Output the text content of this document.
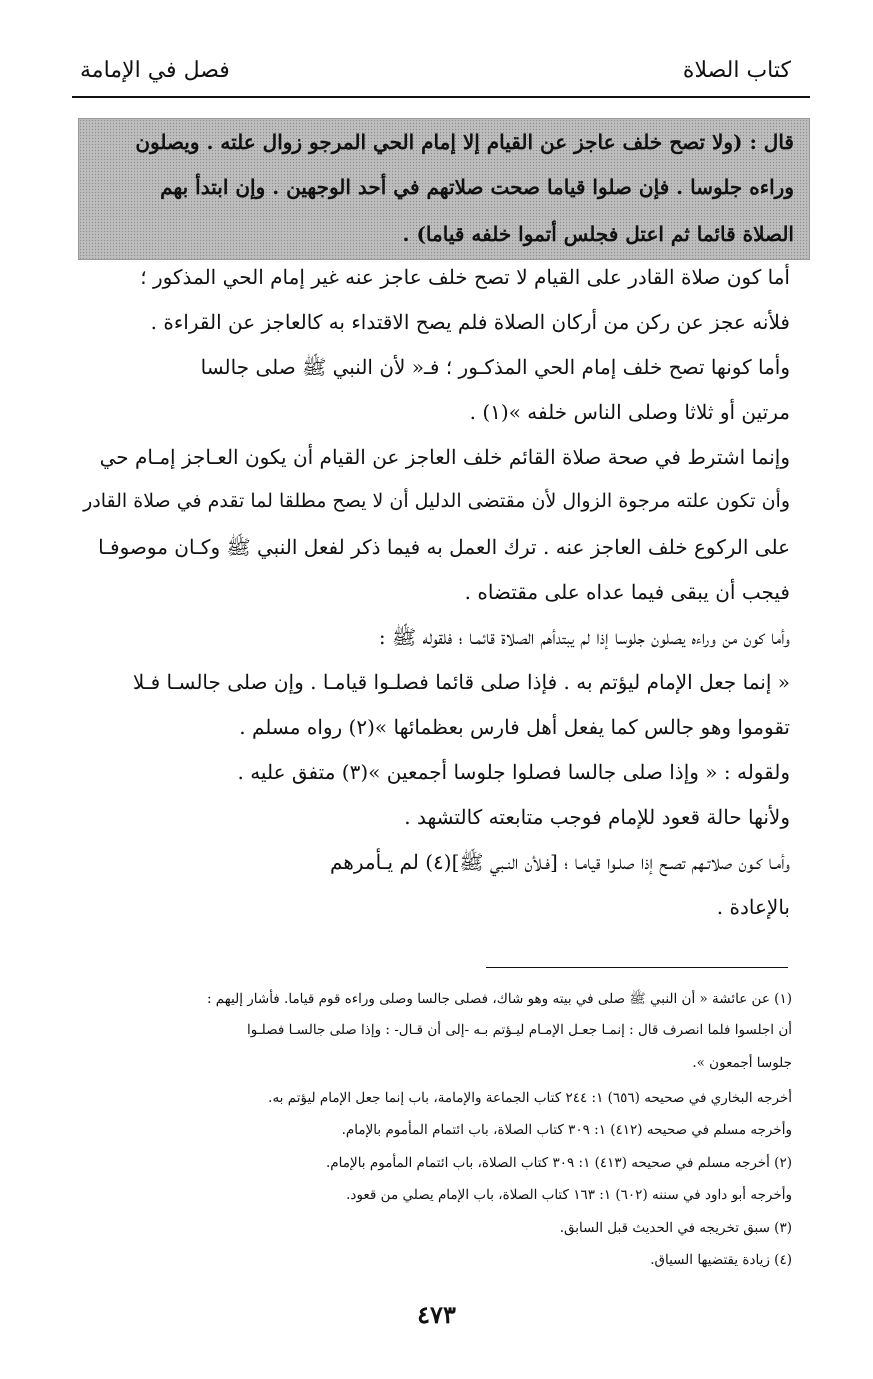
كتاب الصلاة
فصل في الإمامة
قال : (ولا تصح خلف عاجز عن القيام إلا إمام الحي المرجو زوال علته . ويصلون
وراءه جلوسا . فإن صلوا قياما صحت صلاتهم في أحد الوجهين . وإن ابتدأ بهم
الصلاة قائما ثم اعتل فجلس أتموا خلفه قياما) .
أما كون صلاة القادر على القيام لا تصح خلف عاجز عنه غير إمام الحي المذكور ؛
فلأنه عجز عن ركن من أركان الصلاة فلم يصح الاقتداء به كالعاجز عن القراءة .
وأما كونها تصح خلف إمام الحي المذكـور ؛ فـ« لأن النبي ﷺ صلى جالسا
مرتين أو ثلاثا وصلى الناس خلفه »(١) .
وإنما اشترط في صحة صلاة القائم خلف العاجز عن القيام أن يكون العـاجز إمـام حي
وأن تكون علته مرجوة الزوال لأن مقتضى الدليل أن لا يصح مطلقا لما تقدم في صلاة القادر
على الركوع خلف العاجز عنه . ترك العمل به فيما ذكر لفعل النبي ﷺ وكـان موصوفـا
فيجب أن يبقى فيما عداه على مقتضاه .
وأما كون من وراءه يصلون جلوسا إذا لم يبتدأهم الصلاة قائمـا ؛ فلقوله ﷺ :
« إنما جعل الإمام ليؤتم به . فإذا صلى قائما فصلـوا قيامـا . وإن صلى جالسـا فـلا
تقوموا وهو جالس كما يفعل أهل فارس بعظمائها »(٢) رواه مسلم .
ولقوله : « وإذا صلى جالسا فصلوا جلوسا أجمعين »(٣) متفق عليه .
ولأنها حالة قعود للإمام فوجب متابعته كالتشهد .
وأمـا كـون صلاتـهم تصـح إذا صلـوا قيامـا ؛ [فـلأن النـبي ﷺ](٤) لم يـأمرهم
بالإعادة .
(١) عن عائشة « أن النبي ﷺ صلى في بيته وهو شاك، فصلى جالسا وصلى وراءه قوم قياما. فأشار إليهم :
أن اجلسوا فلما انصرف قال : إنمـا جعـل الإمـام ليـؤتم بـه -إلى أن قـال- : وإذا صلى جالسـا فصلـوا
جلوسا أجمعون ».
أخرجه البخاري في صحيحه (٦٥٦) ١: ٢٤٤ كتاب الجماعة والإمامة، باب إنما جعل الإمام ليؤتم به.
وأخرجه مسلم في صحيحه (٤١٢) ١: ٣٠٩ كتاب الصلاة، باب ائتمام المأموم بالإمام.
(٢) أخرجه مسلم في صحيحه (٤١٣) ١: ٣٠٩ كتاب الصلاة، باب ائتمام المأموم بالإمام.
وأخرجه أبو داود في سننه (٦٠٢) ١: ١٦٣ كتاب الصلاة، باب الإمام يصلي من قعود.
(٣) سبق تخريجه في الحديث قبل السابق.
(٤) زيادة يقتضيها السياق.
٤٧٣
